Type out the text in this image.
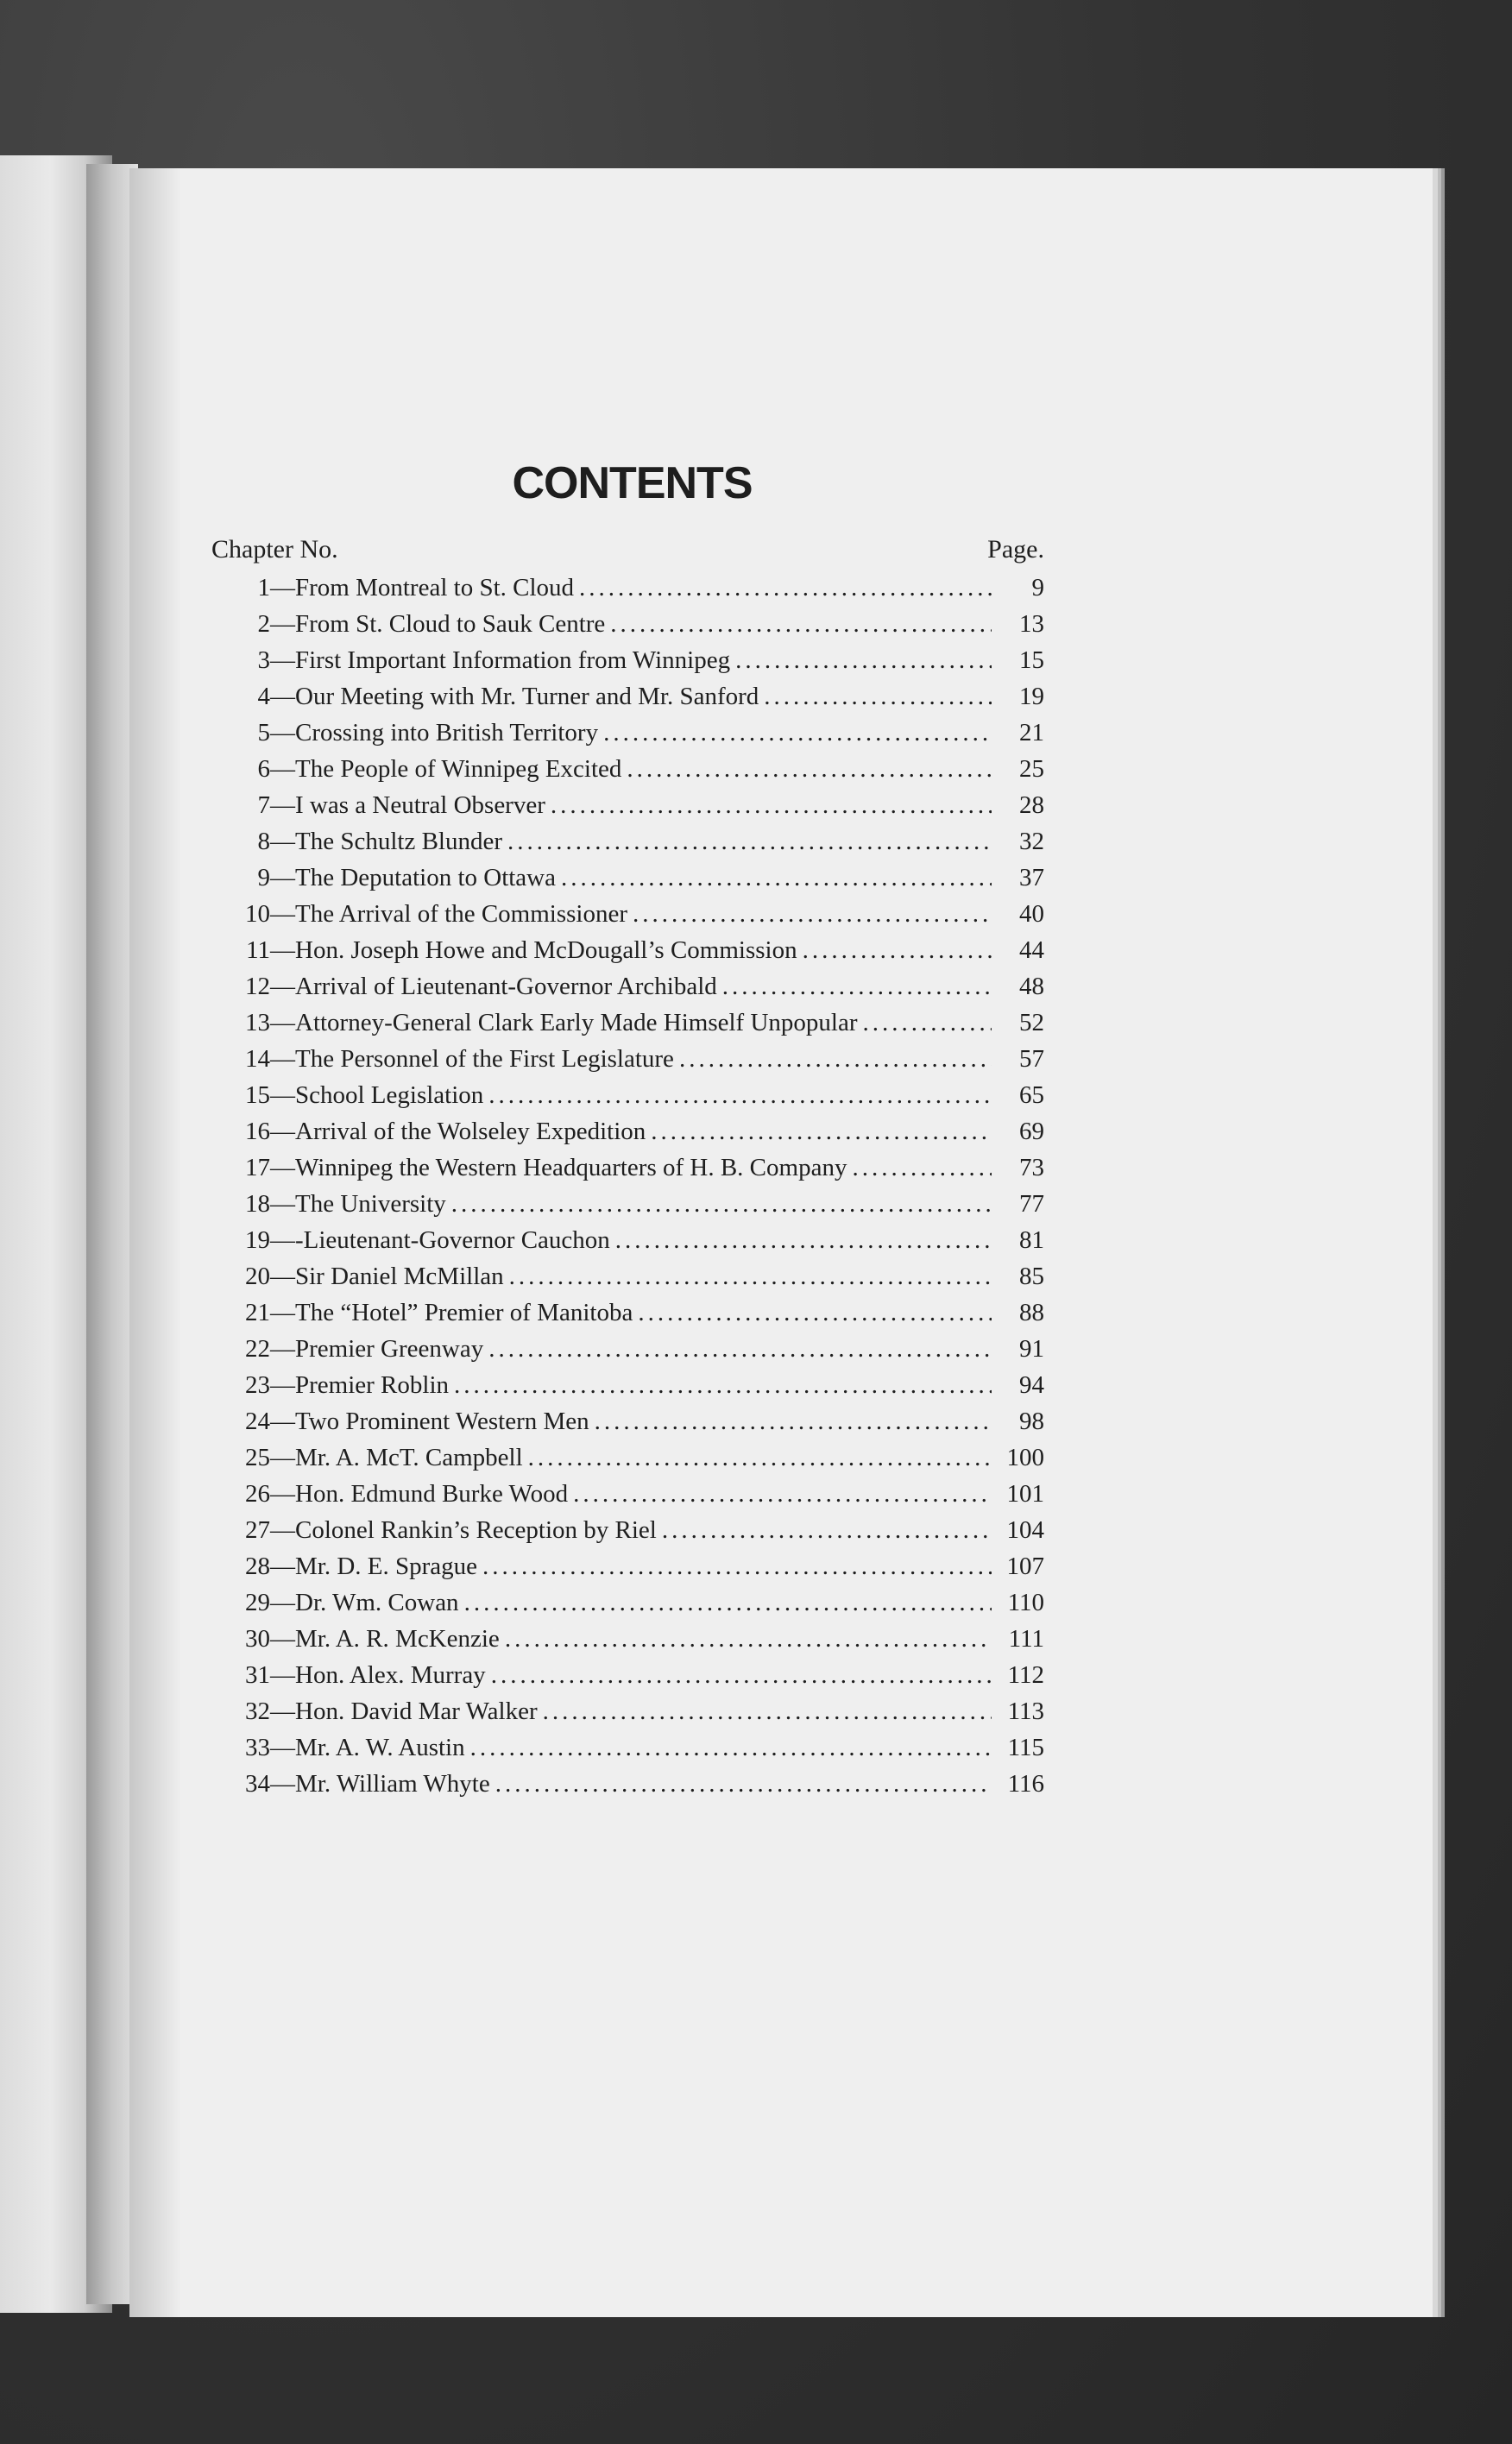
CONTENTS
Chapter No.	Page.
1 — From Montreal to St. Cloud .....	9
2 — From St. Cloud to Sauk Centre .....	13
3 — First Important Information from Winnipeg .....	15
4 — Our Meeting with Mr. Turner and Mr. Sanford .....	19
5 — Crossing into British Territory .....	21
6 — The People of Winnipeg Excited .....	25
7 — I was a Neutral Observer .....	28
8 — The Schultz Blunder .....	32
9 — The Deputation to Ottawa .....	37
10 — The Arrival of the Commissioner .....	40
11 — Hon. Joseph Howe and McDougall’s Commission .....	44
12 — Arrival of Lieutenant-Governor Archibald .....	48
13 — Attorney-General Clark Early Made Himself Unpopular .....	52
14 — The Personnel of the First Legislature .....	57
15 — School Legislation .....	65
16 — Arrival of the Wolseley Expedition .....	69
17 — Winnipeg the Western Headquarters of H. B. Company .....	73
18 — The University .....	77
19 — -Lieutenant-Governor Cauchon .....	81
20 — Sir Daniel McMillan .....	85
21 — The “Hotel” Premier of Manitoba .....	88
22 — Premier Greenway .....	91
23 — Premier Roblin .....	94
24 — Two Prominent Western Men .....	98
25 — Mr. A. McT. Campbell .....	100
26 — Hon. Edmund Burke Wood .....	101
27 — Colonel Rankin’s Reception by Riel .....	104
28 — Mr. D. E. Sprague .....	107
29 — Dr. Wm. Cowan .....	110
30 — Mr. A. R. McKenzie .....	111
31 — Hon. Alex. Murray .....	112
32 — Hon. David Mar Walker .....	113
33 — Mr. A. W. Austin .....	115
34 — Mr. William Whyte .....	116
